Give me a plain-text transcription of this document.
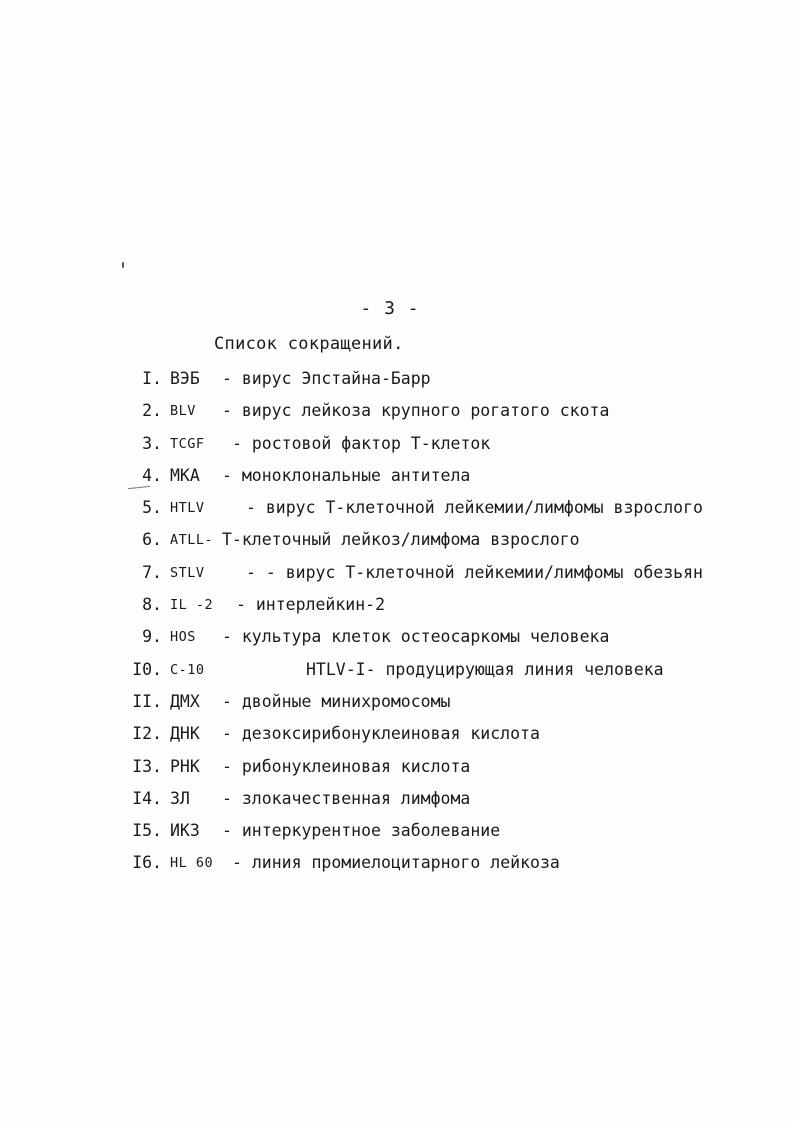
- 3 -
Список сокращений.
I. ВЭБ - вирус Эпстайна-Барр
2. BLV - вирус лейкоза крупного рогатого скота
3. TCGF - ростовой фактор Т-клеток
4. МКА - моноклональные антитела
5. HTLV	- вирус Т-клеточной лейкемии/лимфомы взрослого
6. ATLL- Т-клеточный лейкоз/лимфома взрослого
7. STLV	- - вирус Т-клеточной лейкемии/лимфомы обезьян
8. IL -2 - интерлейкин-2
9. HOS - культура клеток остеосаркомы человека
I0. C-10	HTLV-I- продуцирующая линия человека
II. ДМХ - двойные минихромосомы
I2. ДНК - дезоксирибонуклеиновая кислота
I3. РНК - рибонуклеиновая кислота
I4. ЗЛ - злокачественная лимфома
I5. ИКЗ - интеркурентное заболевание
I6. HL 60 - линия промиелоцитарного лейкоза
